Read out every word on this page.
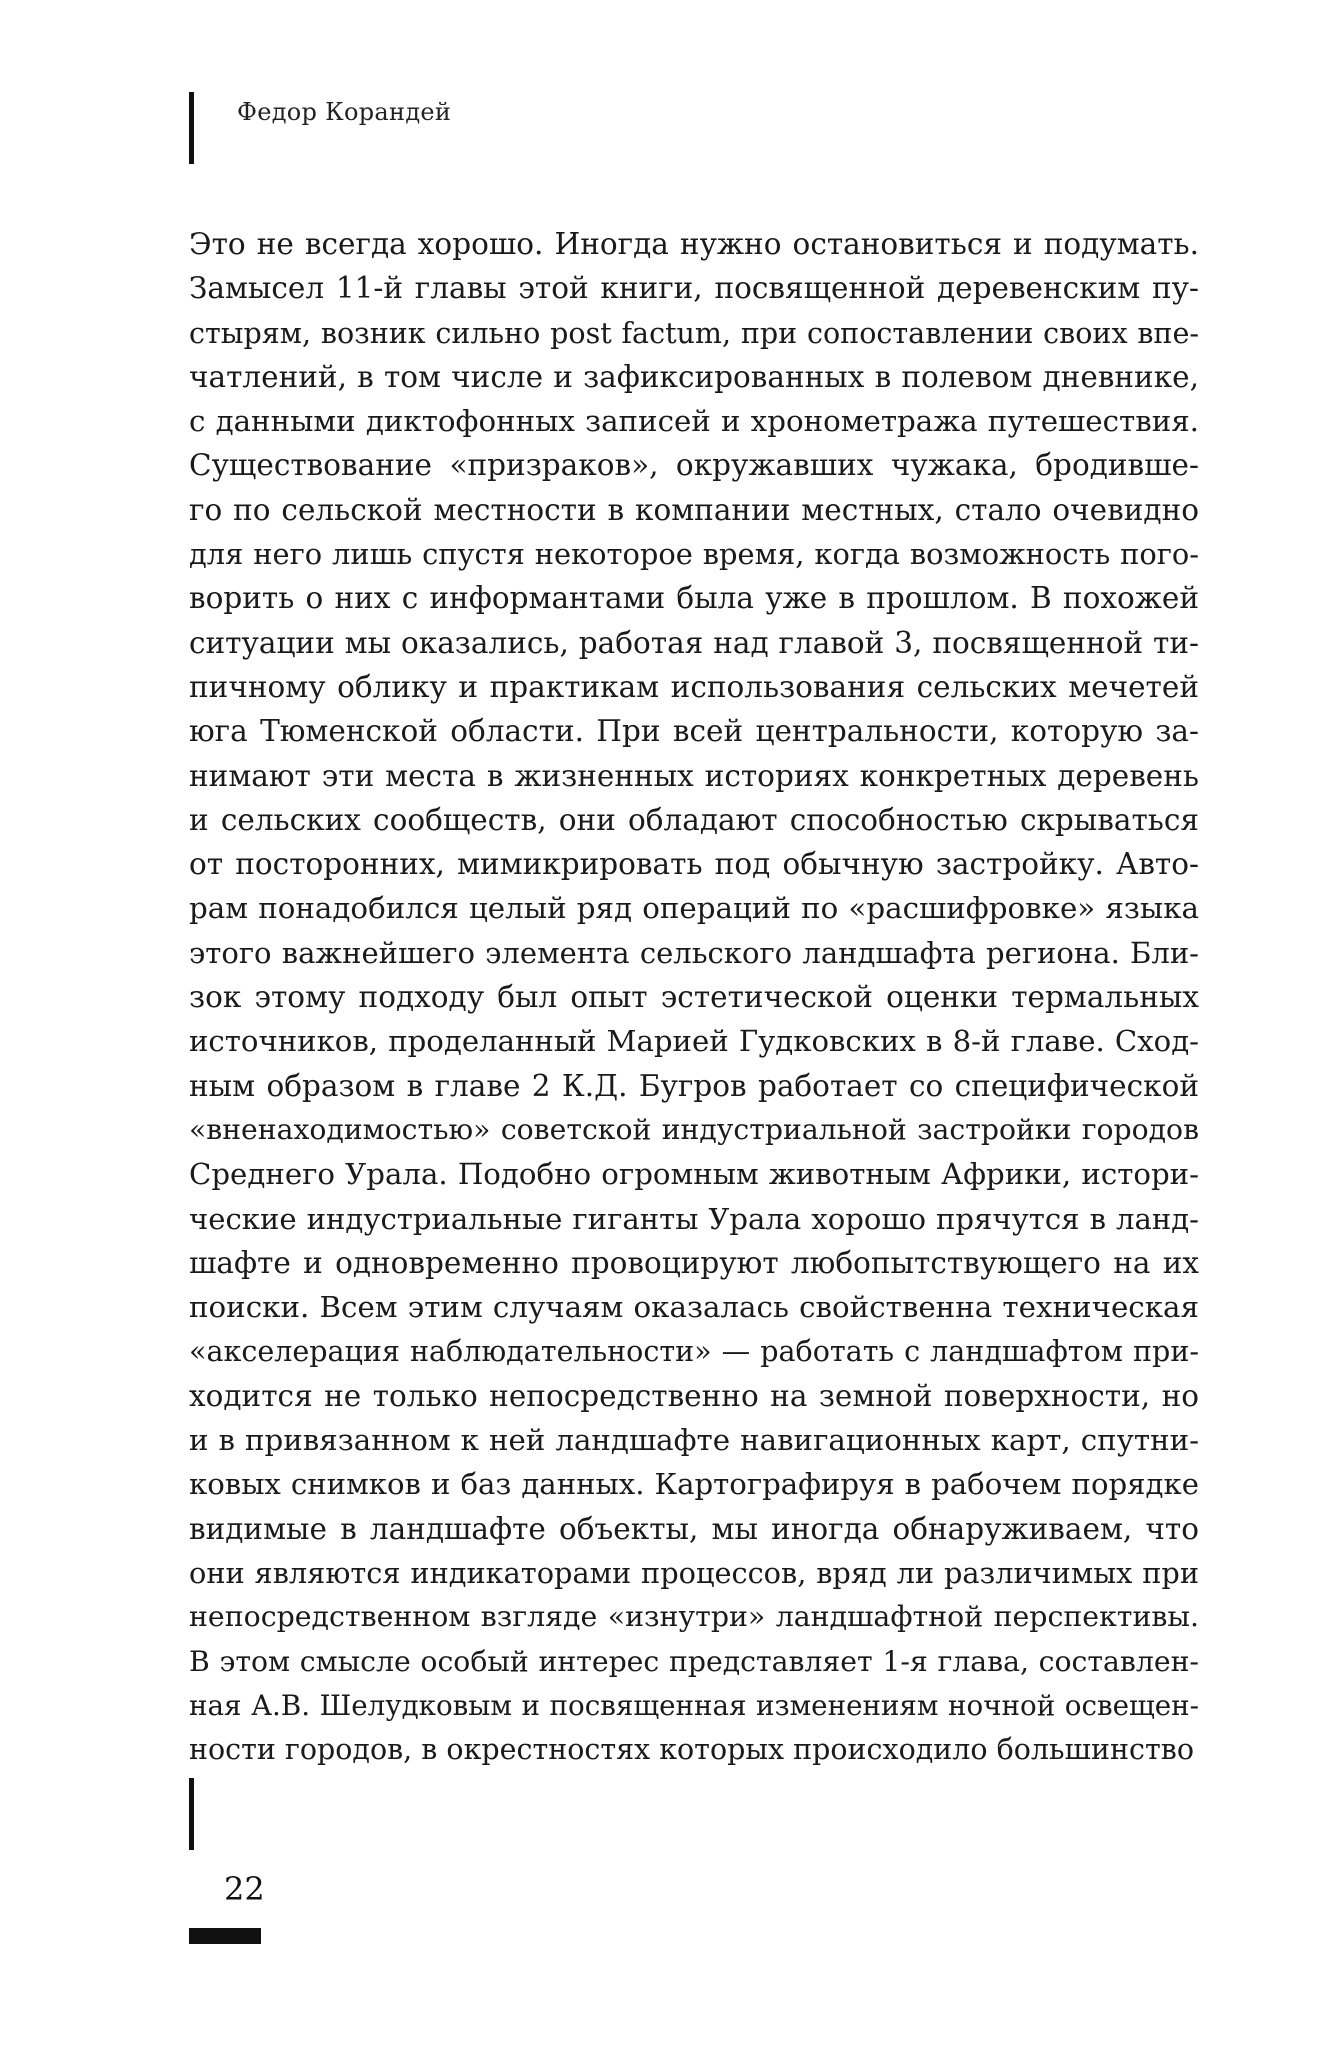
Федор Корандей
Это не всегда хорошо. Иногда нужно остановиться и подумать.
Замысел 11-й главы этой книги, посвященной деревенским пу-
стырям, возник сильно post factum, при сопоставлении своих впе-
чатлений, в том числе и зафиксированных в полевом дневнике,
с данными диктофонных записей и хронометража путешествия.
Существование «призраков», окружавших чужака, бродивше-
го по сельской местности в компании местных, стало очевидно
для него лишь спустя некоторое время, когда возможность пого-
ворить о них с информантами была уже в прошлом. В похожей
ситуации мы оказались, работая над главой 3, посвященной ти-
пичному облику и практикам использования сельских мечетей
юга Тюменской области. При всей центральности, которую за-
нимают эти места в жизненных историях конкретных деревень
и сельских сообществ, они обладают способностью скрываться
от посторонних, мимикрировать под обычную застройку. Авто-
рам понадобился целый ряд операций по «расшифровке» языка
этого важнейшего элемента сельского ландшафта региона. Бли-
зок этому подходу был опыт эстетической оценки термальных
источников, проделанный Марией Гудковских в 8-й главе. Сход-
ным образом в главе 2 К.Д. Бугров работает со специфической
«вненаходимостью» советской индустриальной застройки городов
Среднего Урала. Подобно огромным животным Африки, истори-
ческие индустриальные гиганты Урала хорошо прячутся в ланд-
шафте и одновременно провоцируют любопытствующего на их
поиски. Всем этим случаям оказалась свойственна техническая
«акселерация наблюдательности» — работать с ландшафтом при-
ходится не только непосредственно на земной поверхности, но
и в привязанном к ней ландшафте навигационных карт, спутни-
ковых снимков и баз данных. Картографируя в рабочем порядке
видимые в ландшафте объекты, мы иногда обнаруживаем, что
они являются индикаторами процессов, вряд ли различимых при
непосредственном взгляде «изнутри» ландшафтной перспективы.
В этом смысле особый интерес представляет 1-я глава, составлен-
ная А.В. Шелудковым и посвященная изменениям ночной освещен-
ности городов, в окрестностях которых происходило большинство
22
